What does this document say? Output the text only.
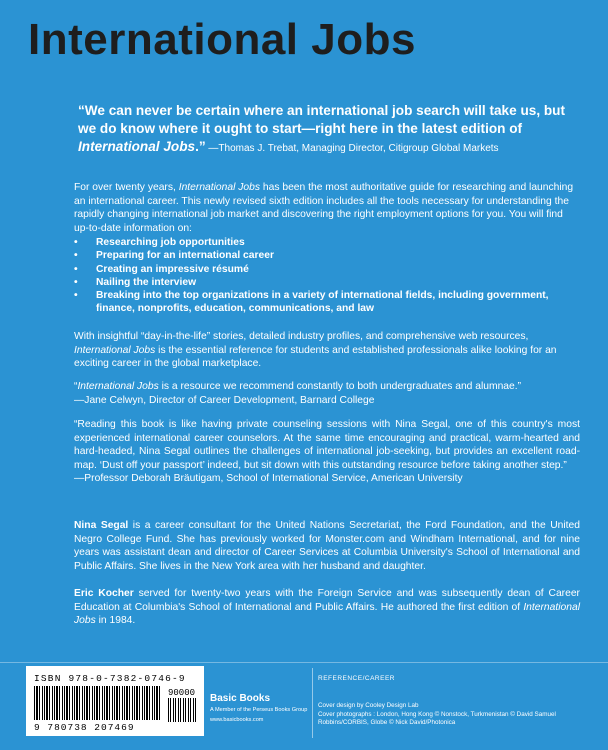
International Jobs
“We can never be certain where an international job search will take us, but we do know where it ought to start—right here in the latest edition of International Jobs.” —Thomas J. Trebat, Managing Director, Citigroup Global Markets
For over twenty years, International Jobs has been the most authoritative guide for researching and launching an international career. This newly revised sixth edition includes all the tools necessary for understanding the rapidly changing international job market and discovering the right employment options for you. You will find up-to-date information on:
• Researching job opportunities
• Preparing for an international career
• Creating an impressive résumé
• Nailing the interview
• Breaking into the top organizations in a variety of international fields, including government, finance, nonprofits, education, communications, and law
With insightful “day-in-the-life” stories, detailed industry profiles, and comprehensive web resources, International Jobs is the essential reference for students and established professionals alike looking for an exciting career in the global marketplace.
“International Jobs is a resource we recommend constantly to both undergraduates and alumnae.”
—Jane Celwyn, Director of Career Development, Barnard College
“Reading this book is like having private counseling sessions with Nina Segal, one of this country's most experienced international career counselors. At the same time encouraging and practical, warm-hearted and hard-headed, Nina Segal outlines the challenges of international job-seeking, but provides an excellent road-map. ‘Dust off your passport’ indeed, but sit down with this outstanding resource before taking another step.”
—Professor Deborah Bräutigam, School of International Service, American University
Nina Segal is a career consultant for the United Nations Secretariat, the Ford Foundation, and the United Negro College Fund. She has previously worked for Monster.com and Windham International, and for nine years was assistant dean and director of Career Services at Columbia University's School of International and Public Affairs. She lives in the New York area with her husband and daughter.
Eric Kocher served for twenty-two years with the Foreign Service and was subsequently dean of Career Education at Columbia's School of International and Public Affairs. He authored the first edition of International Jobs in 1984.
ISBN 978-0-7382-0746-9
90000
9 780738 207469
Basic Books
A Member of the Perseus Books Group
www.basicbooks.com
REFERENCE/CAREER
Cover design by Cooley Design Lab
Cover photographs : London, Hong Kong © Nonstock, Turkmenistan © David Samuel Robbins/CORBIS, Globe © Nick David/Photonica
